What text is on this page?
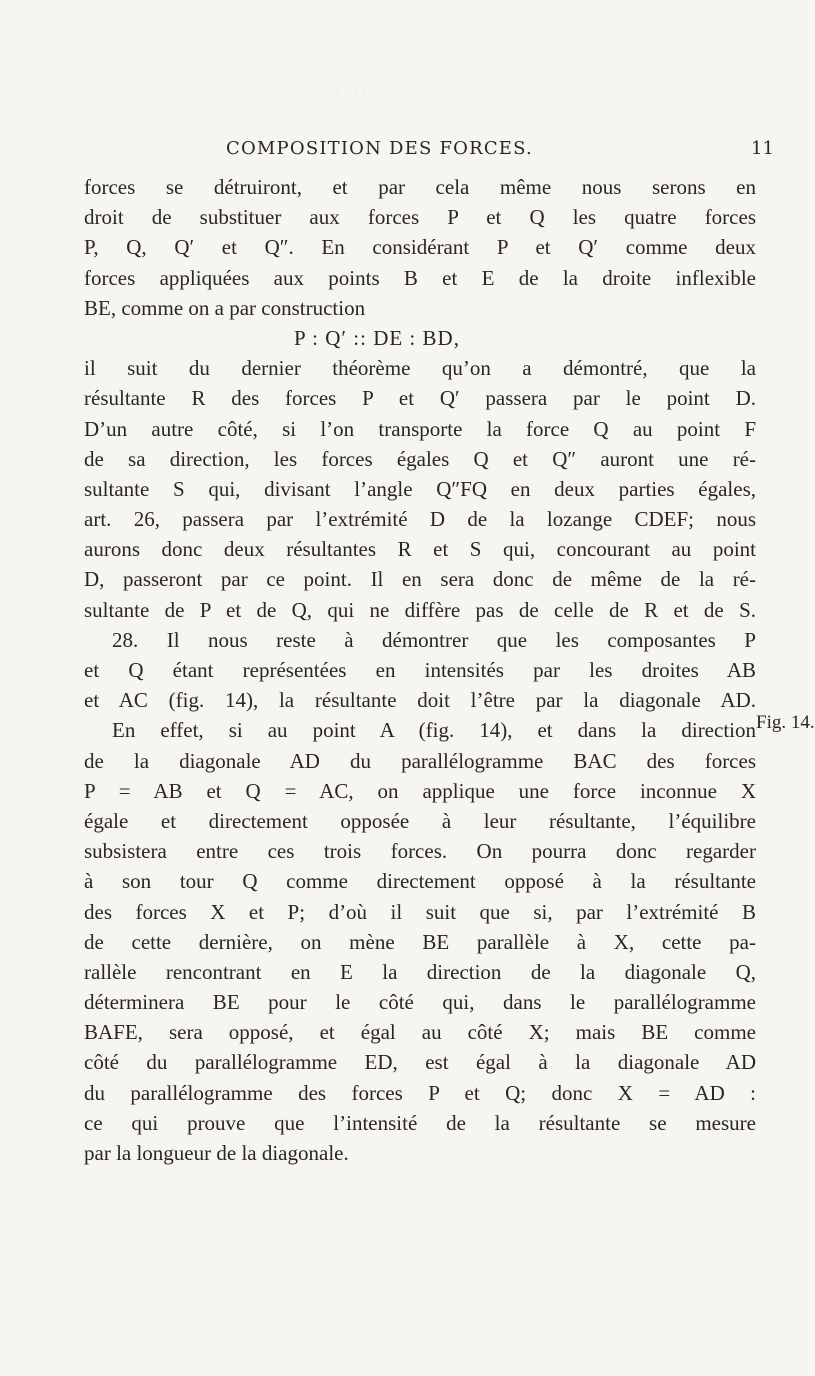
· · · ·
COMPOSITION DES FORCES.	11
forces se détruiront, et par cela même nous serons en
droit de substituer aux forces P et Q les quatre forces
P, Q, Q′ et Q″. En considérant P et Q′ comme deux
forces appliquées aux points B et E de la droite inflexible
BE, comme on a par construction
P : Q′ :: DE : BD,
il suit du dernier théorème qu’on a démontré, que la
résultante R des forces P et Q′ passera par le point D.
D’un autre côté, si l’on transporte la force Q au point F
de sa direction, les forces égales Q et Q″ auront une ré-
sultante S qui, divisant l’angle Q″FQ en deux parties égales,
art. 26, passera par l’extrémité D de la lozange CDEF; nous
aurons donc deux résultantes R et S qui, concourant au point
D, passeront par ce point. Il en sera donc de même de la ré-
sultante de P et de Q, qui ne diffère pas de celle de R et de S.
28. Il nous reste à démontrer que les composantes P
et Q étant représentées en intensités par les droites AB
et AC (fig. 14), la résultante doit l’être par la diagonale AD.
En effet, si au point A (fig. 14), et dans la direction
de la diagonale AD du parallélogramme BAC des forces
P = AB et Q = AC, on applique une force inconnue X
égale et directement opposée à leur résultante, l’équilibre
subsistera entre ces trois forces. On pourra donc regarder
à son tour Q comme directement opposé à la résultante
des forces X et P; d’où il suit que si, par l’extrémité B
de cette dernière, on mène BE parallèle à X, cette pa-
rallèle rencontrant en E la direction de la diagonale Q,
déterminera BE pour le côté qui, dans le parallélogramme
BAFE, sera opposé, et égal au côté X; mais BE comme
côté du parallélogramme ED, est égal à la diagonale AD
du parallélogramme des forces P et Q; donc X = AD :
ce qui prouve que l’intensité de la résultante se mesure
par la longueur de la diagonale.
Fig. 14.
